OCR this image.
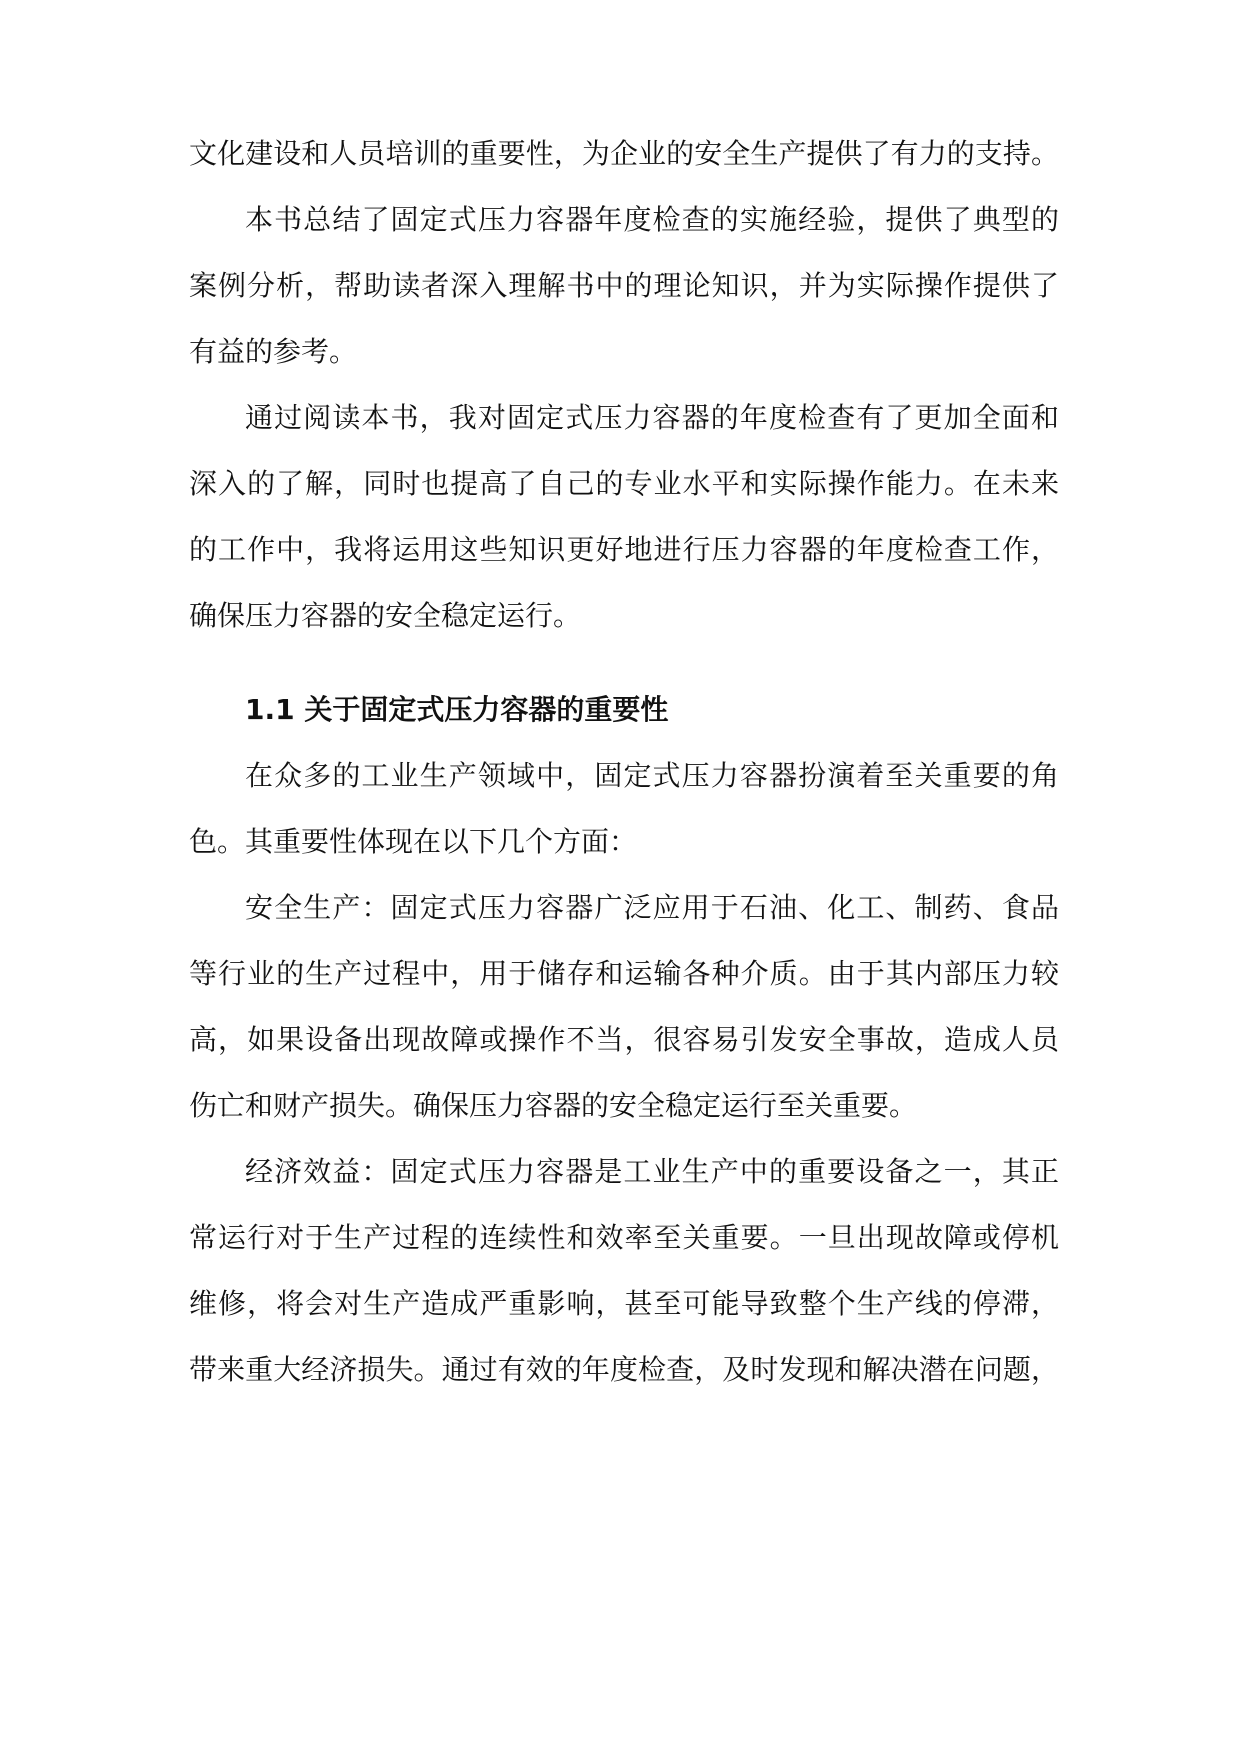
文化建设和人员培训的重要性，为企业的安全生产提供了有力的支持。
本书总结了固定式压力容器年度检查的实施经验，提供了典型的
案例分析，帮助读者深入理解书中的理论知识，并为实际操作提供了
有益的参考。
通过阅读本书，我对固定式压力容器的年度检查有了更加全面和
深入的了解，同时也提高了自己的专业水平和实际操作能力。在未来
的工作中，我将运用这些知识更好地进行压力容器的年度检查工作，
确保压力容器的安全稳定运行。
1.1 关于固定式压力容器的重要性
在众多的工业生产领域中，固定式压力容器扮演着至关重要的角
色。其重要性体现在以下几个方面：
安全生产：固定式压力容器广泛应用于石油、化工、制药、食品
等行业的生产过程中，用于储存和运输各种介质。由于其内部压力较
高，如果设备出现故障或操作不当，很容易引发安全事故，造成人员
伤亡和财产损失。确保压力容器的安全稳定运行至关重要。
经济效益：固定式压力容器是工业生产中的重要设备之一，其正
常运行对于生产过程的连续性和效率至关重要。一旦出现故障或停机
维修，将会对生产造成严重影响，甚至可能导致整个生产线的停滞，
带来重大经济损失。通过有效的年度检查，及时发现和解决潜在问题，
